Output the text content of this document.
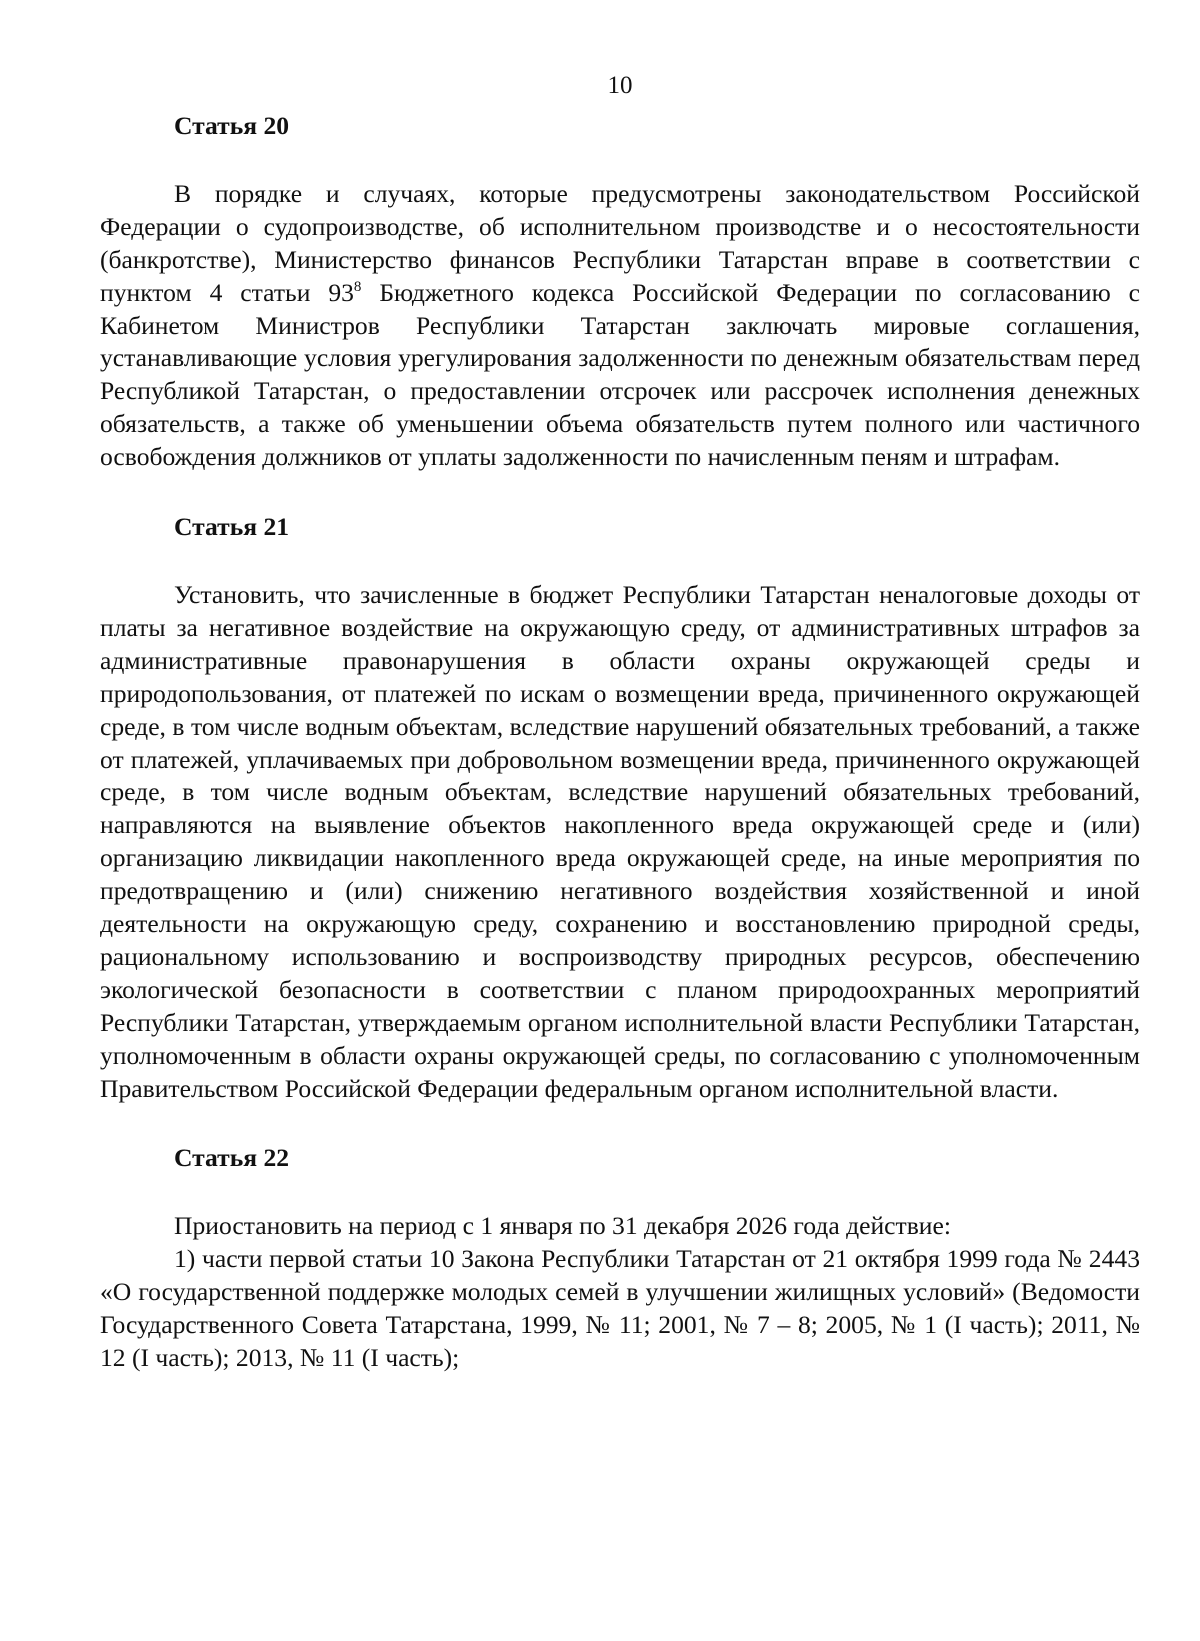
10

Статья 20

В порядке и случаях, которые предусмотрены законодательством Российской Федерации о судопроизводстве, об исполнительном производстве и о несостоятельности (банкротстве), Министерство финансов Республики Татарстан вправе в соответствии с пунктом 4 статьи $93^8$ Бюджетного кодекса Российской Федерации по согласованию с Кабинетом Министров Республики Татарстан заключать мировые соглашения, устанавливающие условия урегулирования задолженности по денежным обязательствам перед Республикой Татарстан, о предоставлении отсрочек или рассрочек исполнения денежных обязательств, а также об уменьшении объема обязательств путем полного или частичного освобождения должников от уплаты задолженности по начисленным пеням и штрафам.

Статья 21

Установить, что зачисленные в бюджет Республики Татарстан неналоговые доходы от платы за негативное воздействие на окружающую среду, от административных штрафов за административные правонарушения в области охраны окружающей среды и природопользования, от платежей по искам о возмещении вреда, причиненного окружающей среде, в том числе водным объектам, вследствие нарушений обязательных требований, а также от платежей, уплачиваемых при добровольном возмещении вреда, причиненного окружающей среде, в том числе водным объектам, вследствие нарушений обязательных требований, направляются на выявление объектов накопленного вреда окружающей среде и (или) организацию ликвидации накопленного вреда окружающей среде, на иные мероприятия по предотвращению и (или) снижению негативного воздействия хозяйственной и иной деятельности на окружающую среду, сохранению и восстановлению природной среды, рациональному использованию и воспроизводству природных ресурсов, обеспечению экологической безопасности в соответствии с планом природоохранных мероприятий Республики Татарстан, утверждаемым органом исполнительной власти Республики Татарстан, уполномоченным в области охраны окружающей среды, по согласованию с уполномоченным Правительством Российской Федерации федеральным органом исполнительной власти.

Статья 22

Приостановить на период с 1 января по 31 декабря 2026 года действие:

1) части первой статьи 10 Закона Республики Татарстан от 21 октября 1999 года № 2443 «О государственной поддержке молодых семей в улучшении жилищных условий» (Ведомости Государственного Совета Татарстана, 1999, № 11; 2001, № 7 – 8; 2005, № 1 (I часть); 2011, № 12 (I часть); 2013, № 11 (I часть);
